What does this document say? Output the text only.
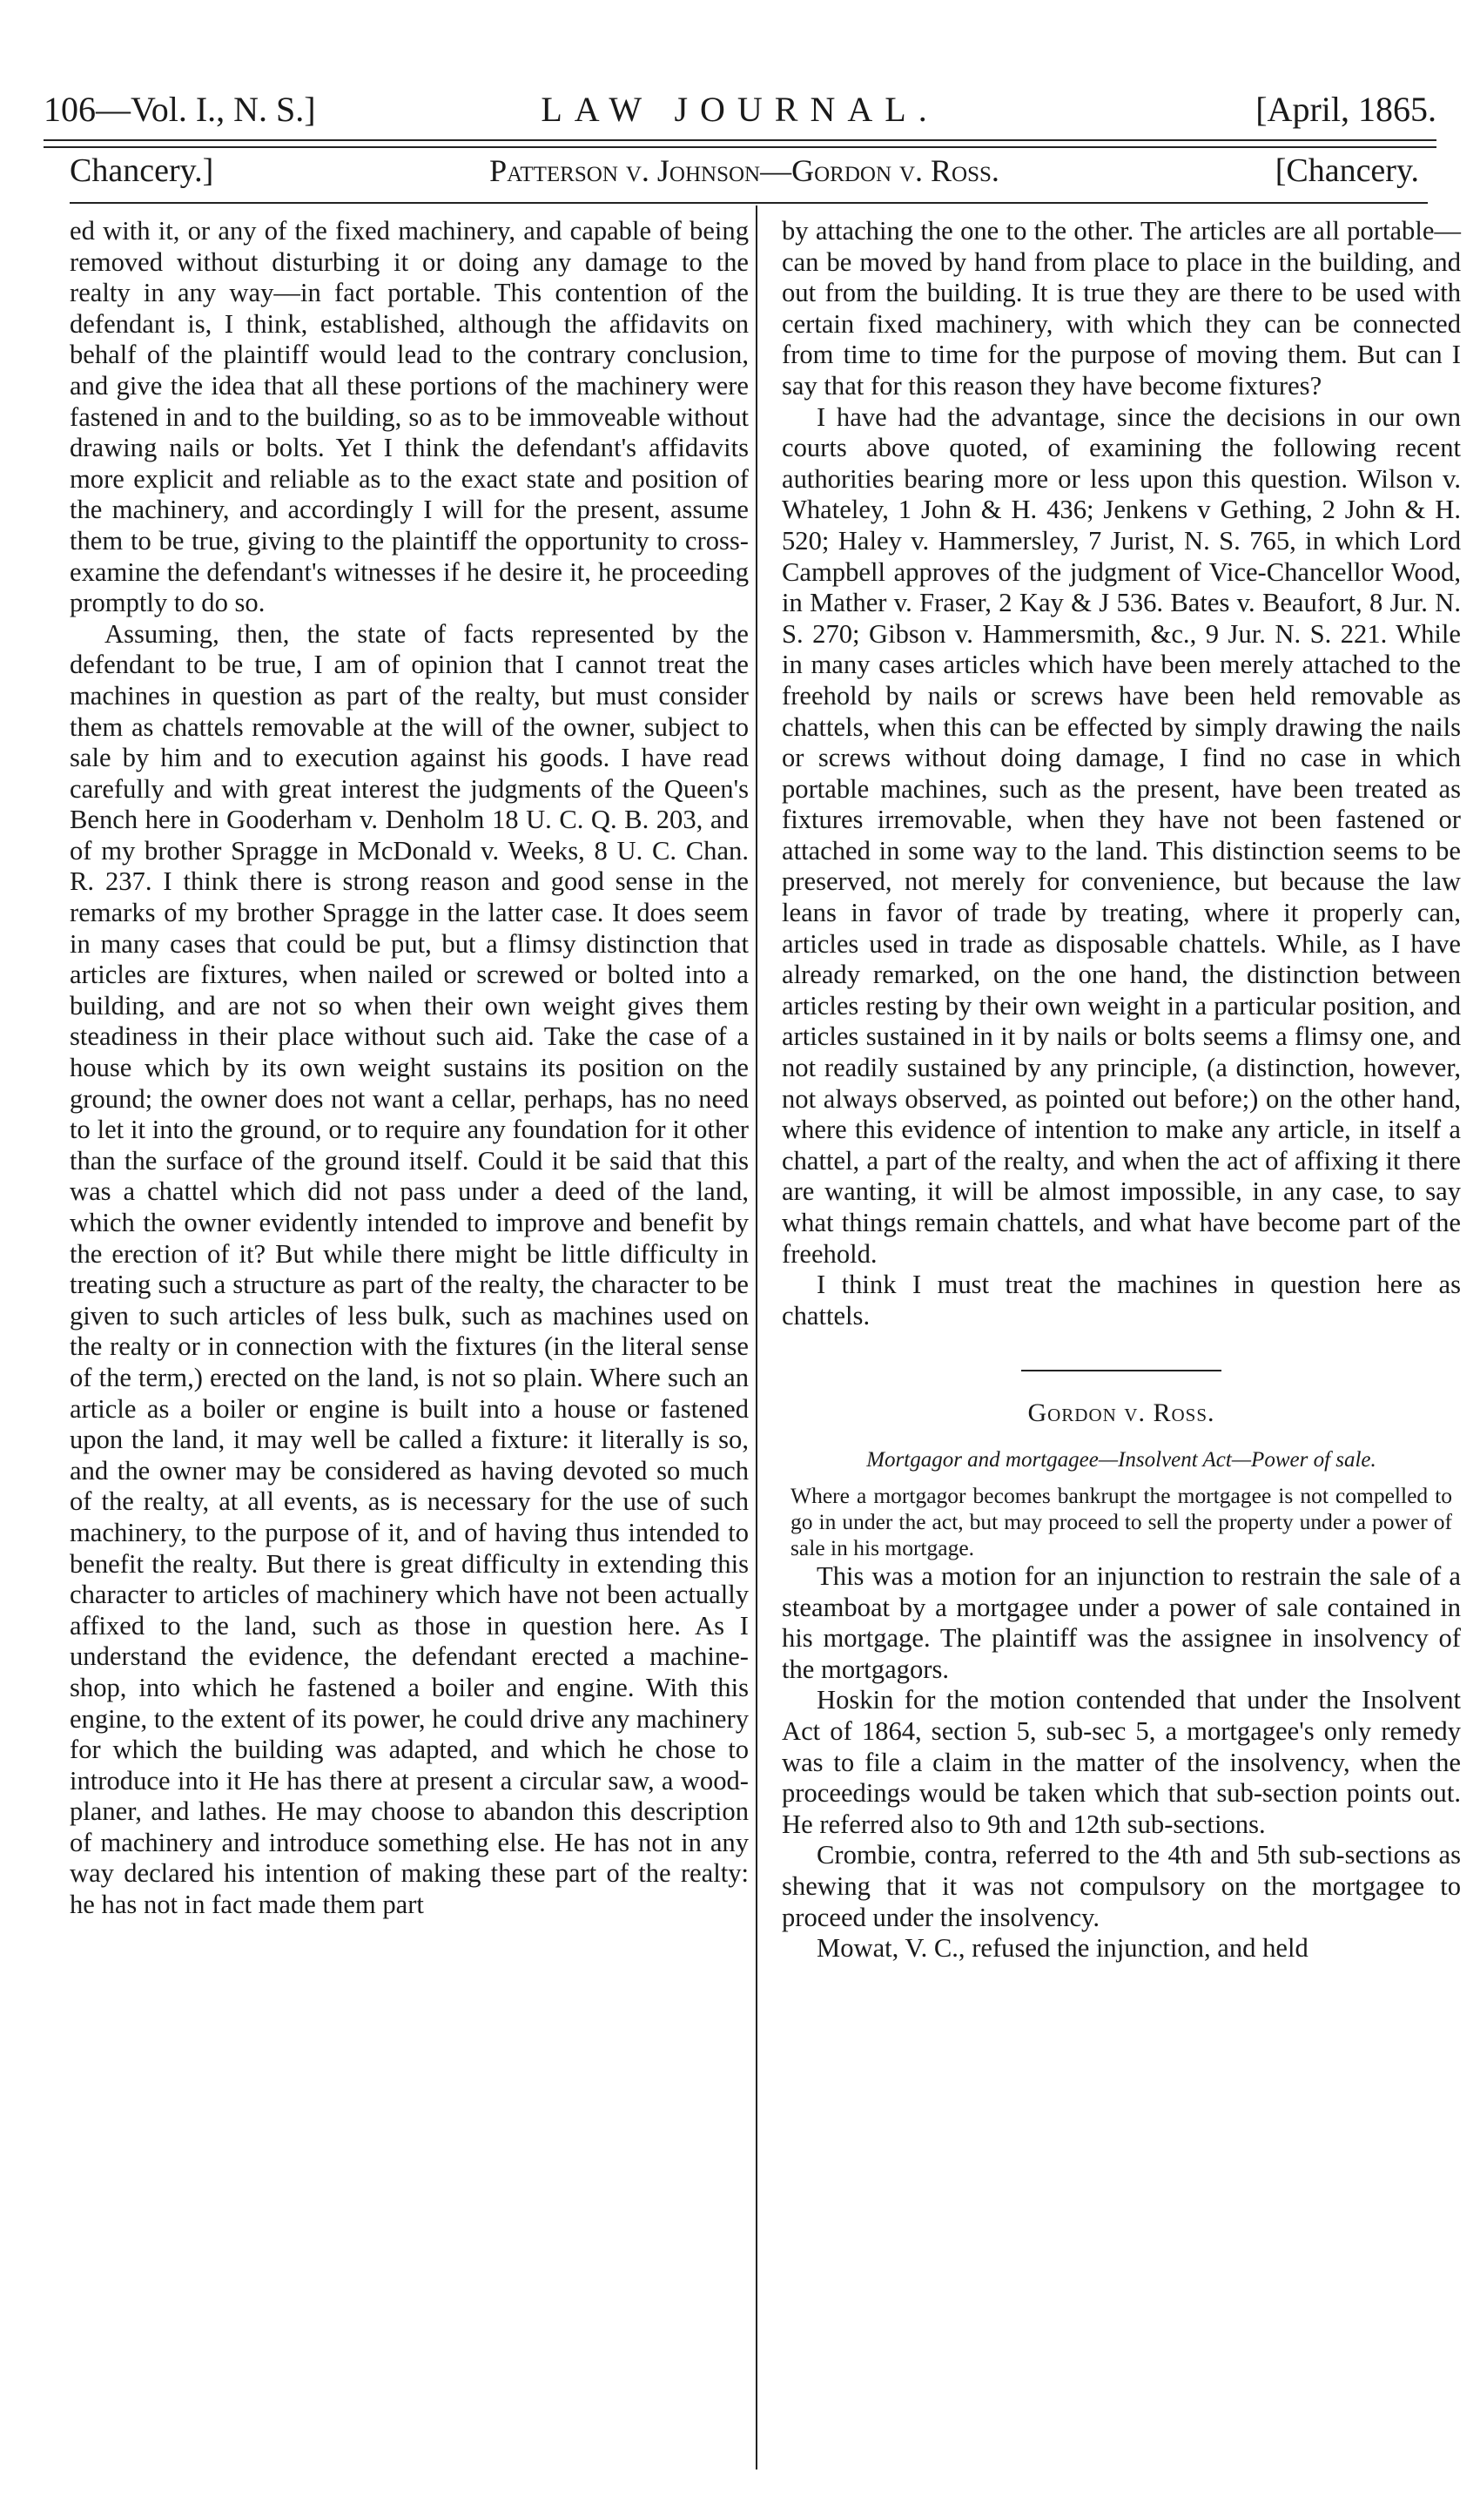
106—Vol. I., N. S.]	LAW JOURNAL.	[April, 1865.
Chancery.]	Patterson v. Johnson—Gordon v. Ross.	[Chancery.

ed with it, or any of the fixed machinery, and capable of being removed without disturbing it or doing any damage to the realty in any way—in fact portable. This contention of the defendant is, I think, established, although the affidavits on behalf of the plaintiff would lead to the contrary conclusion, and give the idea that all these portions of the machinery were fastened in and to the building, so as to be immoveable without drawing nails or bolts. Yet I think the defendant's affidavits more explicit and reliable as to the exact state and position of the machinery, and accordingly I will for the present, assume them to be true, giving to the plaintiff the opportunity to cross-examine the defendant's witnesses if he desire it, he proceeding promptly to do so.

Assuming, then, the state of facts represented by the defendant to be true, I am of opinion that I cannot treat the machines in question as part of the realty, but must consider them as chattels removable at the will of the owner, subject to sale by him and to execution against his goods. I have read carefully and with great interest the judgments of the Queen's Bench here in Gooderham v. Denholm 18 U. C. Q. B. 203, and of my brother Spragge in McDonald v. Weeks, 8 U. C. Chan. R. 237. I think there is strong reason and good sense in the remarks of my brother Spragge in the latter case. It does seem in many cases that could be put, but a flimsy distinction that articles are fixtures, when nailed or screwed or bolted into a building, and are not so when their own weight gives them steadiness in their place without such aid. Take the case of a house which by its own weight sustains its position on the ground; the owner does not want a cellar, perhaps, has no need to let it into the ground, or to require any foundation for it other than the surface of the ground itself. Could it be said that this was a chattel which did not pass under a deed of the land, which the owner evidently intended to improve and benefit by the erection of it? But while there might be little difficulty in treating such a structure as part of the realty, the character to be given to such articles of less bulk, such as machines used on the realty or in connection with the fixtures (in the literal sense of the term,) erected on the land, is not so plain. Where such an article as a boiler or engine is built into a house or fastened upon the land, it may well be called a fixture: it literally is so, and the owner may be considered as having devoted so much of the realty, at all events, as is necessary for the use of such machinery, to the purpose of it, and of having thus intended to benefit the realty. But there is great difficulty in extending this character to articles of machinery which have not been actually affixed to the land, such as those in question here. As I understand the evidence, the defendant erected a machine-shop, into which he fastened a boiler and engine. With this engine, to the extent of its power, he could drive any machinery for which the building was adapted, and which he chose to introduce into it He has there at present a circular saw, a wood-planer, and lathes. He may choose to abandon this description of machinery and introduce something else. He has not in any way declared his intention of making these part of the realty: he has not in fact made them part

by attaching the one to the other. The articles are all portable—can be moved by hand from place to place in the building, and out from the building. It is true they are there to be used with certain fixed machinery, with which they can be connected from time to time for the purpose of moving them. But can I say that for this reason they have become fixtures?

I have had the advantage, since the decisions in our own courts above quoted, of examining the following recent authorities bearing more or less upon this question. Wilson v. Whateley, 1 John & H. 436; Jenkens v Gething, 2 John & H. 520; Haley v. Hammersley, 7 Jurist, N. S. 765, in which Lord Campbell approves of the judgment of Vice-Chancellor Wood, in Mather v. Fraser, 2 Kay & J 536. Bates v. Beaufort, 8 Jur. N. S. 270; Gibson v. Hammersmith, &c., 9 Jur. N. S. 221. While in many cases articles which have been merely attached to the freehold by nails or screws have been held removable as chattels, when this can be effected by simply drawing the nails or screws without doing damage, I find no case in which portable machines, such as the present, have been treated as fixtures irremovable, when they have not been fastened or attached in some way to the land. This distinction seems to be preserved, not merely for convenience, but because the law leans in favor of trade by treating, where it properly can, articles used in trade as disposable chattels. While, as I have already remarked, on the one hand, the distinction between articles resting by their own weight in a particular position, and articles sustained in it by nails or bolts seems a flimsy one, and not readily sustained by any principle, (a distinction, however, not always observed, as pointed out before;) on the other hand, where this evidence of intention to make any article, in itself a chattel, a part of the realty, and when the act of affixing it there are wanting, it will be almost impossible, in any case, to say what things remain chattels, and what have become part of the freehold.

I think I must treat the machines in question here as chattels.

Gordon v. Ross.
Mortgagor and mortgagee—Insolvent Act—Power of sale.

Where a mortgagor becomes bankrupt the mortgagee is not compelled to go in under the act, but may proceed to sell the property under a power of sale in his mortgage.

This was a motion for an injunction to restrain the sale of a steamboat by a mortgagee under a power of sale contained in his mortgage. The plaintiff was the assignee in insolvency of the mortgagors.

Hoskin for the motion contended that under the Insolvent Act of 1864, section 5, sub-sec 5, a mortgagee's only remedy was to file a claim in the matter of the insolvency, when the proceedings would be taken which that sub-section points out. He referred also to 9th and 12th sub-sections.

Crombie, contra, referred to the 4th and 5th sub-sections as shewing that it was not compulsory on the mortgagee to proceed under the insolvency.

Mowat, V. C., refused the injunction, and held
